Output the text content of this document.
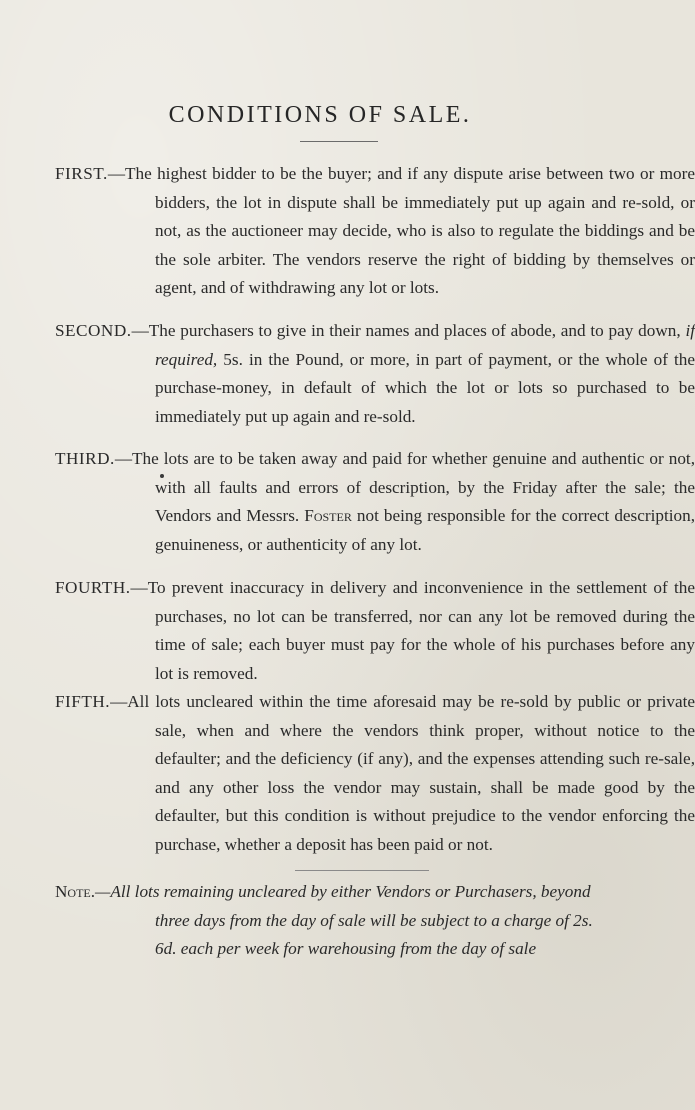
CONDITIONS OF SALE.

FIRST.—The highest bidder to be the buyer; and if any dispute arise between two or more bidders, the lot in dispute shall be immediately put up again and re-sold, or not, as the auctioneer may decide, who is also to regulate the biddings and be the sole arbiter. The vendors reserve the right of bidding by themselves or agent, and of withdrawing any lot or lots.

SECOND.—The purchasers to give in their names and places of abode, and to pay down, if required, 5s. in the Pound, or more, in part of payment, or the whole of the purchase-money, in default of which the lot or lots so purchased to be immediately put up again and re-sold.

THIRD.—The lots are to be taken away and paid for whether genuine and authentic or not, with all faults and errors of description, by the Friday after the sale; the Vendors and Messrs. Foster not being responsible for the correct description, genuineness, or authenticity of any lot.

FOURTH.—To prevent inaccuracy in delivery and inconvenience in the settlement of the purchases, no lot can be transferred, nor can any lot be removed during the time of sale; each buyer must pay for the whole of his purchases before any lot is removed.

FIFTH.—All lots uncleared within the time aforesaid may be re-sold by public or private sale, when and where the vendors think proper, without notice to the defaulter; and the deficiency (if any), and the expenses attending such re-sale, and any other loss the vendor may sustain, shall be made good by the defaulter, but this condition is without prejudice to the vendor enforcing the purchase, whether a deposit has been paid or not.

Note.—All lots remaining uncleared by either Vendors or Purchasers, beyond three days from the day of sale will be subject to a charge of 2s. 6d. each per week for warehousing from the day of sale
